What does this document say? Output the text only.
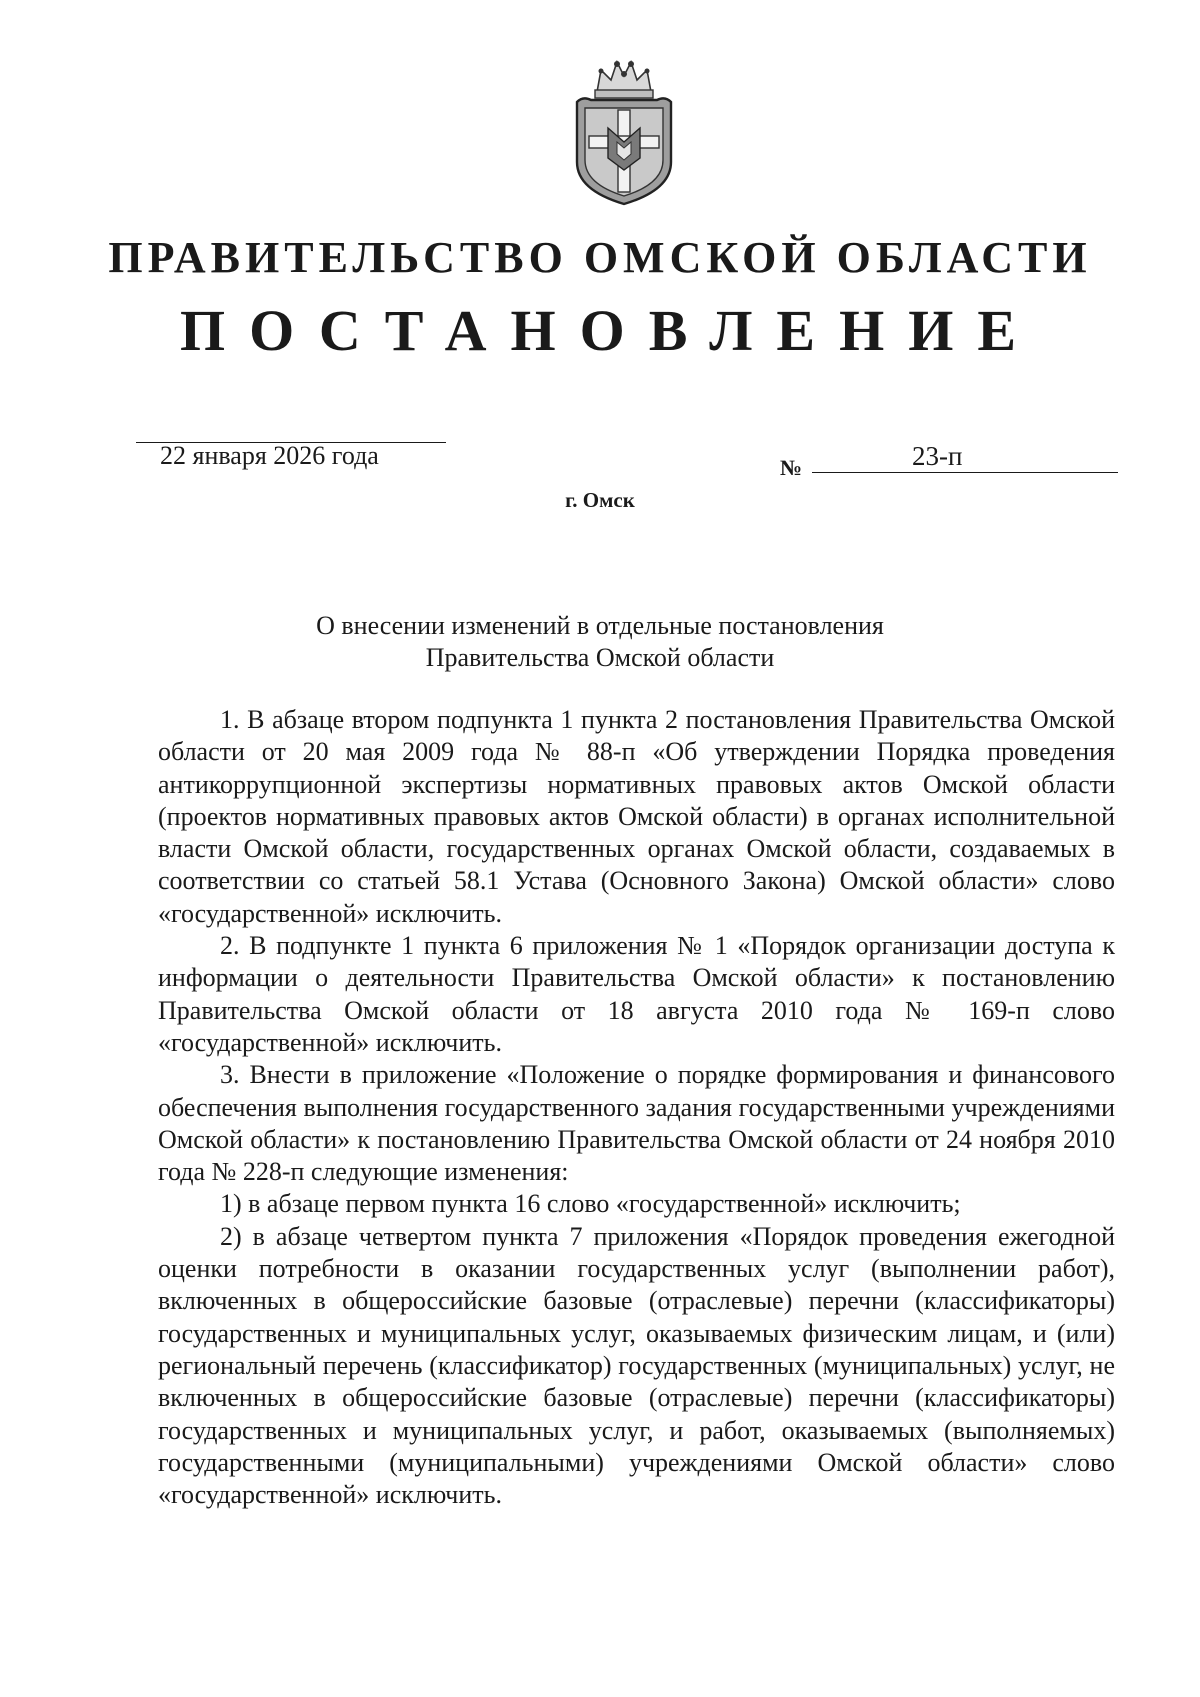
ПРАВИТЕЛЬСТВО ОМСКОЙ ОБЛАСТИ
ПОСТАНОВЛЕНИЕ
22 января 2026 года	№	23-п
г. Омск
О внесении изменений в отдельные постановления
Правительства Омской области

1. В абзаце втором подпункта 1 пункта 2 постановления Правительства Омской области от 20 мая 2009 года № 88-п «Об утверждении Порядка проведения антикоррупционной экспертизы нормативных правовых актов Омской области (проектов нормативных правовых актов Омской области) в органах исполнительной власти Омской области, государственных органах Омской области, создаваемых в соответствии со статьей 58.1 Устава (Основного Закона) Омской области» слово «государственной» исключить.

2. В подпункте 1 пункта 6 приложения № 1 «Порядок организации доступа к информации о деятельности Правительства Омской области» к постановлению Правительства Омской области от 18 августа 2010 года № 169-п слово «государственной» исключить.

3. Внести в приложение «Положение о порядке формирования и финансового обеспечения выполнения государственного задания государственными учреждениями Омской области» к постановлению Правительства Омской области от 24 ноября 2010 года № 228-п следующие изменения:

1) в абзаце первом пункта 16 слово «государственной» исключить;

2) в абзаце четвертом пункта 7 приложения «Порядок проведения ежегодной оценки потребности в оказании государственных услуг (выполнении работ), включенных в общероссийские базовые (отраслевые) перечни (классификаторы) государственных и муниципальных услуг, оказываемых физическим лицам, и (или) региональный перечень (классификатор) государственных (муниципальных) услуг, не включенных в общероссийские базовые (отраслевые) перечни (классификаторы) государственных и муниципальных услуг, и работ, оказываемых (выполняемых) государственными (муниципальными) учреждениями Омской области» слово «государственной» исключить.
